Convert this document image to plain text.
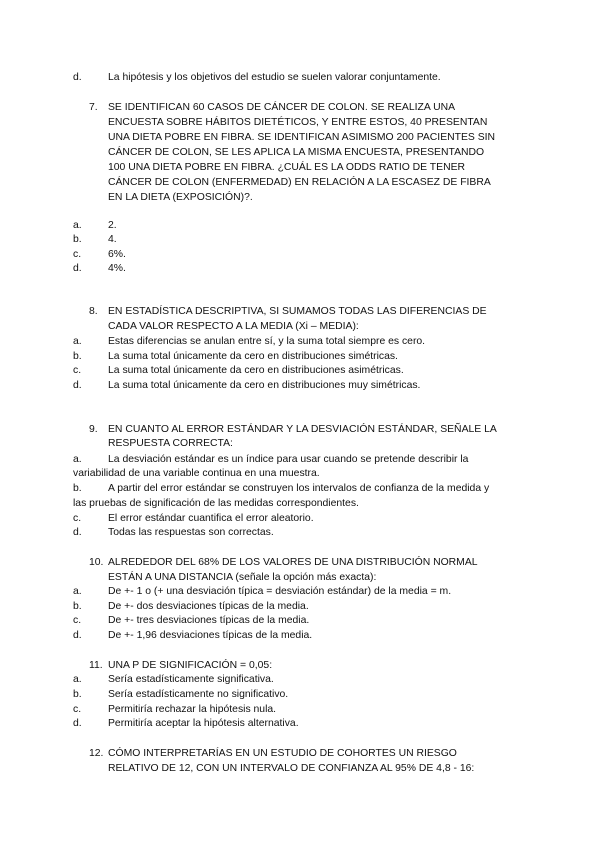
d.	La hipótesis y los objetivos del estudio se suelen valorar conjuntamente.
7. SE IDENTIFICAN 60 CASOS DE CÁNCER DE COLON. SE REALIZA UNA
ENCUESTA SOBRE HÁBITOS DIETÉTICOS, Y ENTRE ESTOS, 40 PRESENTAN
UNA DIETA POBRE EN FIBRA. SE IDENTIFICAN ASIMISMO 200 PACIENTES SIN
CÁNCER DE COLON, SE LES APLICA LA MISMA ENCUESTA, PRESENTANDO
100 UNA DIETA POBRE EN FIBRA. ¿CUÁL ES LA ODDS RATIO DE TENER
CÁNCER DE COLON (ENFERMEDAD) EN RELACIÓN A LA ESCASEZ DE FIBRA
EN LA DIETA (EXPOSICIÓN)?.
a.	2.
b.	4.
c.	6%.
d.	4%.
8. EN ESTADÍSTICA DESCRIPTIVA, SI SUMAMOS TODAS LAS DIFERENCIAS DE
CADA VALOR RESPECTO A LA MEDIA (Xi – MEDIA):
a.	Estas diferencias se anulan entre sí, y la suma total siempre es cero.
b.	La suma total únicamente da cero en distribuciones simétricas.
c.	La suma total únicamente da cero en distribuciones asimétricas.
d.	La suma total únicamente da cero en distribuciones muy simétricas.
9. EN CUANTO AL ERROR ESTÁNDAR Y LA DESVIACIÓN ESTÁNDAR, SEÑALE LA
RESPUESTA CORRECTA:
a.	La desviación estándar es un índice para usar cuando se pretende describir la
variabilidad de una variable continua en una muestra.
b.	A partir del error estándar se construyen los intervalos de confianza de la medida y
las pruebas de significación de las medidas correspondientes.
c.	El error estándar cuantifica el error aleatorio.
d.	Todas las respuestas son correctas.
10. ALREDEDOR DEL 68% DE LOS VALORES DE UNA DISTRIBUCIÓN NORMAL
ESTÁN A UNA DISTANCIA (señale la opción más exacta):
a.	De +- 1 o (+ una desviación típica = desviación estándar) de la media = m.
b.	De +- dos desviaciones típicas de la media.
c.	De +- tres desviaciones típicas de la media.
d.	De +- 1,96 desviaciones típicas de la media.
11. UNA P DE SIGNIFICACIÓN = 0,05:
a.	Sería estadísticamente significativa.
b.	Sería estadísticamente no significativo.
c.	Permitiría rechazar la hipótesis nula.
d.	Permitiría aceptar la hipótesis alternativa.
12. CÓMO INTERPRETARÍAS EN UN ESTUDIO DE COHORTES UN RIESGO
RELATIVO DE 12, CON UN INTERVALO DE CONFIANZA AL 95% DE 4,8 - 16:
